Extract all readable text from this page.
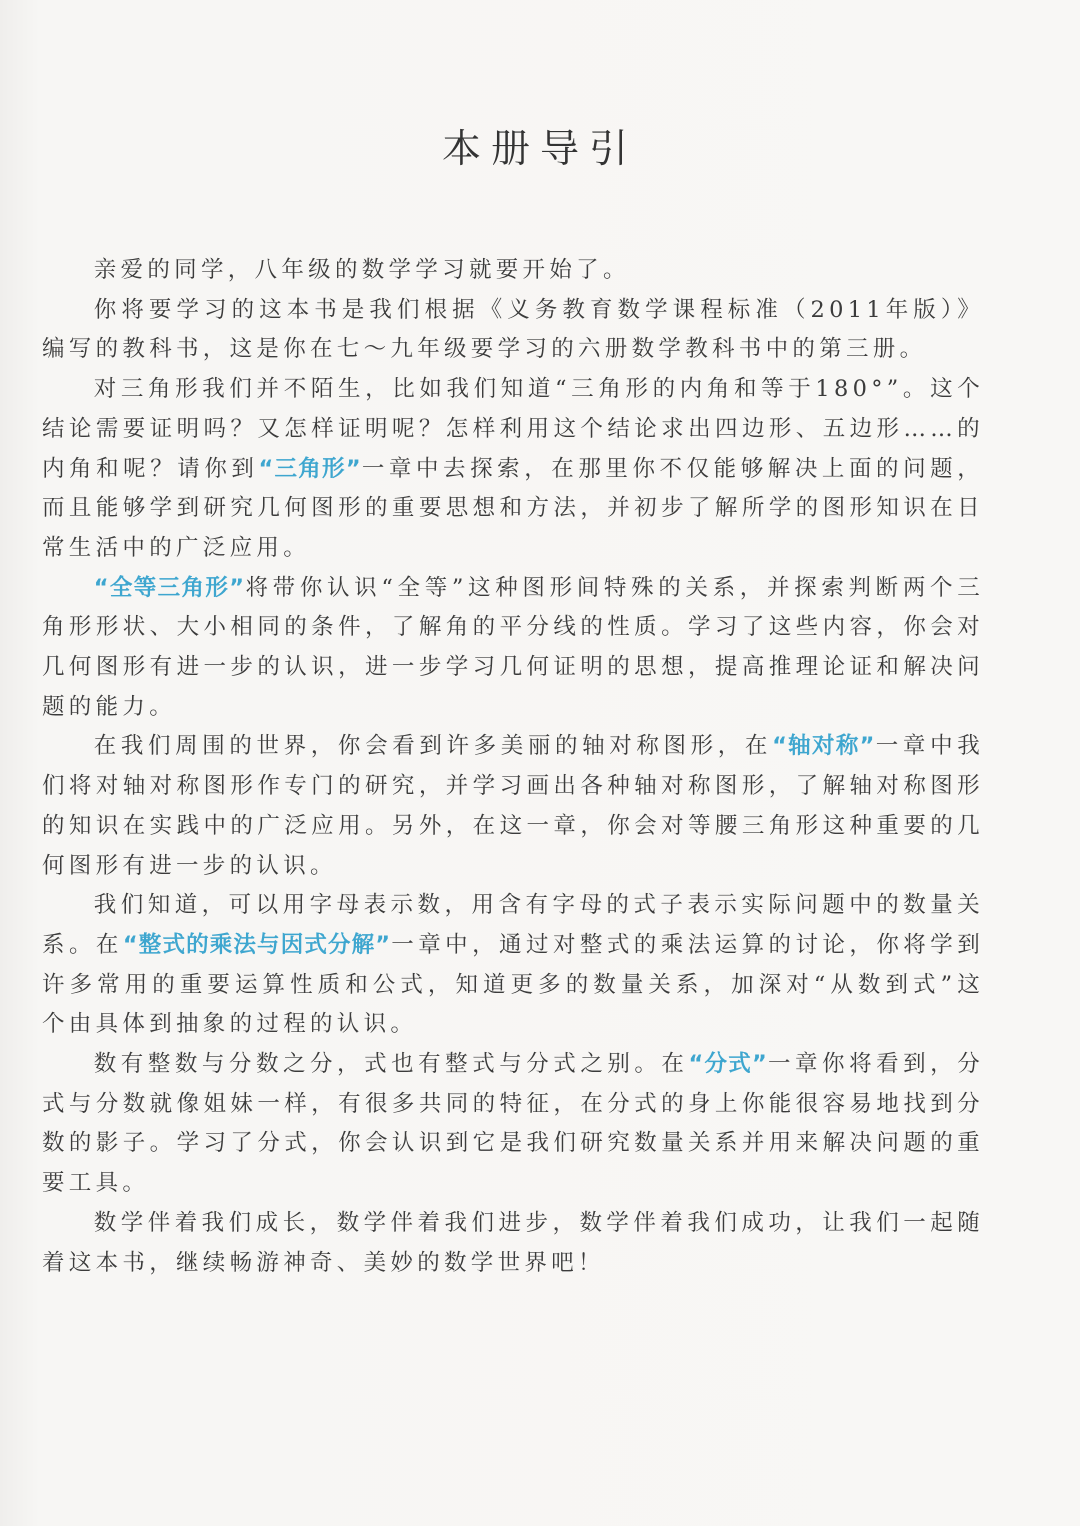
本册导引

亲爱的同学，八年级的数学学习就要开始了。

你将要学习的这本书是我们根据《义务教育数学课程标准（2011年版）》编写的教科书，这是你在七～九年级要学习的六册数学教科书中的第三册。

对三角形我们并不陌生，比如我们知道“三角形的内角和等于180°”。这个结论需要证明吗？又怎样证明呢？怎样利用这个结论求出四边形、五边形……的内角和呢？请你到“三角形”一章中去探索，在那里你不仅能够解决上面的问题，而且能够学到研究几何图形的重要思想和方法，并初步了解所学的图形知识在日常生活中的广泛应用。

“全等三角形”将带你认识“全等”这种图形间特殊的关系，并探索判断两个三角形形状、大小相同的条件，了解角的平分线的性质。学习了这些内容，你会对几何图形有进一步的认识，进一步学习几何证明的思想，提高推理论证和解决问题的能力。

在我们周围的世界，你会看到许多美丽的轴对称图形，在“轴对称”一章中我们将对轴对称图形作专门的研究，并学习画出各种轴对称图形，了解轴对称图形的知识在实践中的广泛应用。另外，在这一章，你会对等腰三角形这种重要的几何图形有进一步的认识。

我们知道，可以用字母表示数，用含有字母的式子表示实际问题中的数量关系。在“整式的乘法与因式分解”一章中，通过对整式的乘法运算的讨论，你将学到许多常用的重要运算性质和公式，知道更多的数量关系，加深对“从数到式”这个由具体到抽象的过程的认识。

数有整数与分数之分，式也有整式与分式之别。在“分式”一章你将看到，分式与分数就像姐妹一样，有很多共同的特征，在分式的身上你能很容易地找到分数的影子。学习了分式，你会认识到它是我们研究数量关系并用来解决问题的重要工具。

数学伴着我们成长，数学伴着我们进步，数学伴着我们成功，让我们一起随着这本书，继续畅游神奇、美妙的数学世界吧！
